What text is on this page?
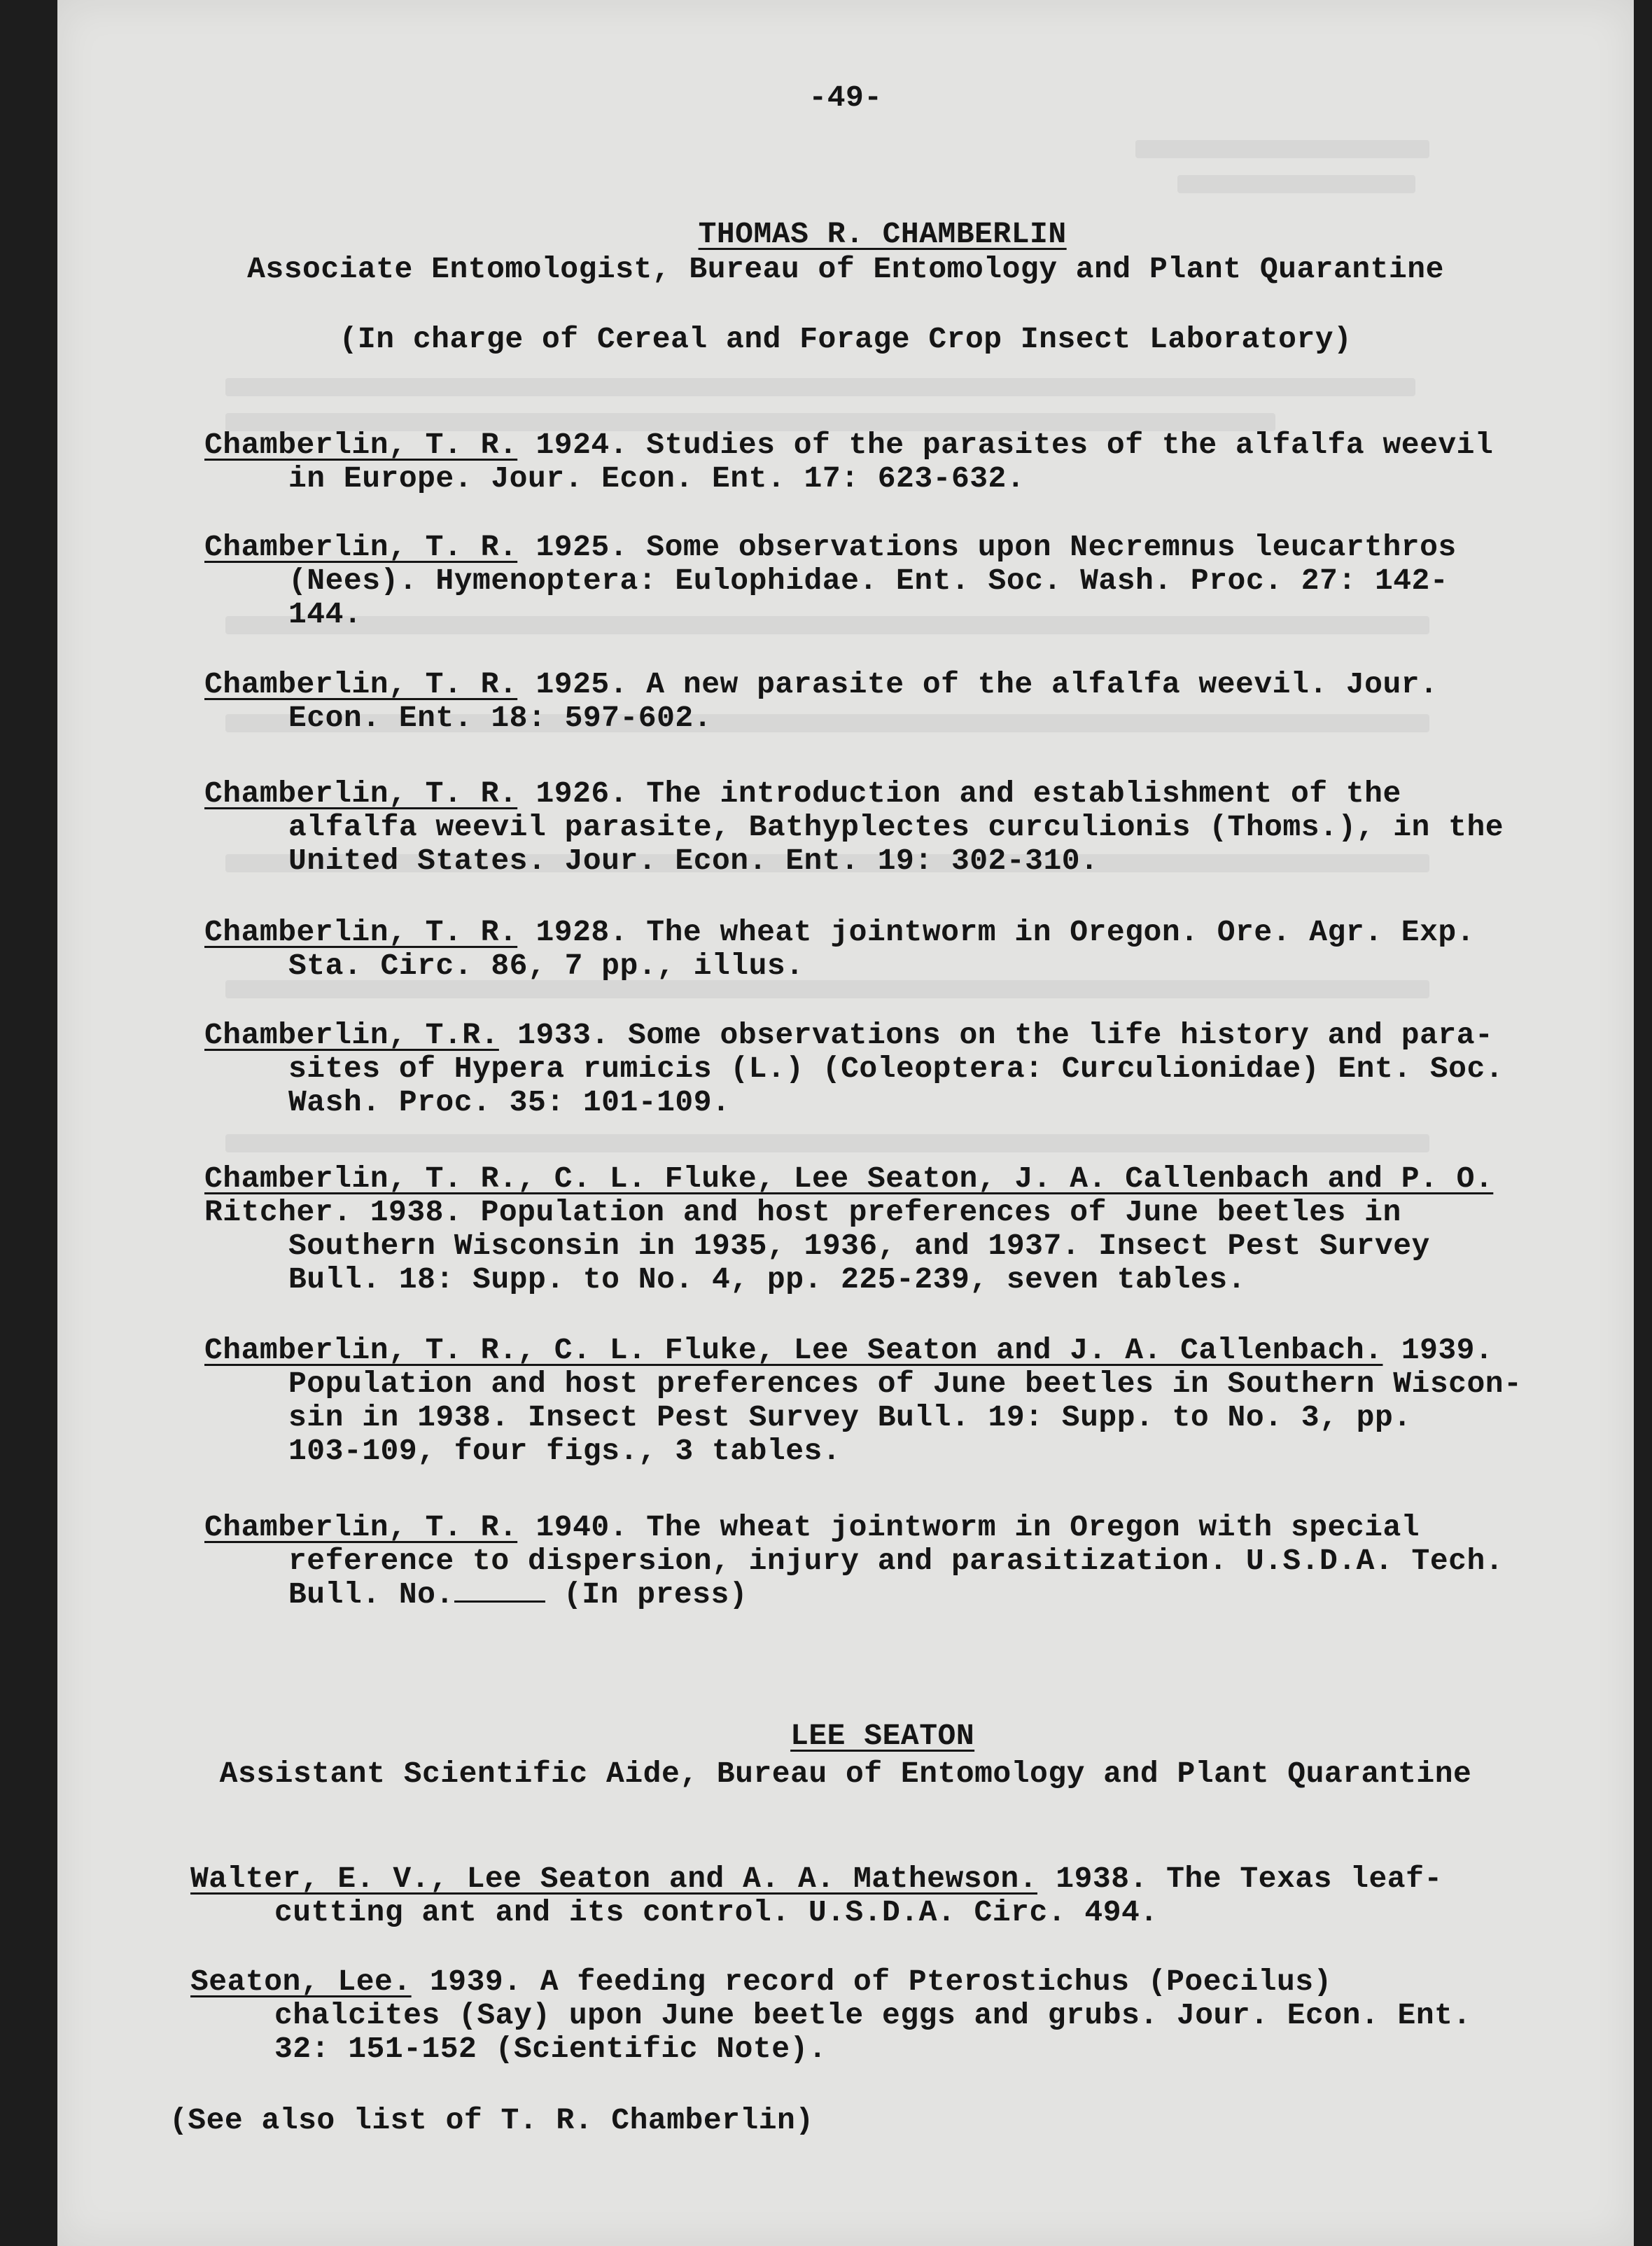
-49-

THOMAS R. CHAMBERLIN

Associate Entomologist, Bureau of Entomology and Plant Quarantine
(In charge of Cereal and Forage Crop Insect Laboratory)
Chamberlin, T. R. 1924. Studies of the parasites of the alfalfa weevil
in Europe. Jour. Econ. Ent. 17: 623-632.
Chamberlin, T. R. 1925. Some observations upon Necremnus leucarthros
(Nees). Hymenoptera: Eulophidae. Ent. Soc. Wash. Proc. 27: 142-
144.
Chamberlin, T. R. 1925. A new parasite of the alfalfa weevil. Jour.
Econ. Ent. 18: 597-602.
Chamberlin, T. R. 1926. The introduction and establishment of the
alfalfa weevil parasite, Bathyplectes curculionis (Thoms.), in the
United States. Jour. Econ. Ent. 19: 302-310.
Chamberlin, T. R. 1928. The wheat jointworm in Oregon. Ore. Agr. Exp.
Sta. Circ. 86, 7 pp., illus.
Chamberlin, T.R. 1933. Some observations on the life history and para-
sites of Hypera rumicis (L.) (Coleoptera: Curculionidae) Ent. Soc.
Wash. Proc. 35: 101-109.
Chamberlin, T. R., C. L. Fluke, Lee Seaton, J. A. Callenbach and P. O.
Ritcher. 1938. Population and host preferences of June beetles in
Southern Wisconsin in 1935, 1936, and 1937. Insect Pest Survey
Bull. 18: Supp. to No. 4, pp. 225-239, seven tables.
Chamberlin, T. R., C. L. Fluke, Lee Seaton and J. A. Callenbach. 1939.
Population and host preferences of June beetles in Southern Wiscon-
sin in 1938. Insect Pest Survey Bull. 19: Supp. to No. 3, pp.
103-109, four figs., 3 tables.
Chamberlin, T. R. 1940. The wheat jointworm in Oregon with special
reference to dispersion, injury and parasitization. U.S.D.A. Tech.
Bull. No.	(In press)

LEE SEATON

Assistant Scientific Aide, Bureau of Entomology and Plant Quarantine
Walter, E. V., Lee Seaton and A. A. Mathewson. 1938. The Texas leaf-
cutting ant and its control. U.S.D.A. Circ. 494.
Seaton, Lee. 1939. A feeding record of Pterostichus (Poecilus)
chalcites (Say) upon June beetle eggs and grubs. Jour. Econ. Ent.
32: 151-152 (Scientific Note).
(See also list of T. R. Chamberlin)
